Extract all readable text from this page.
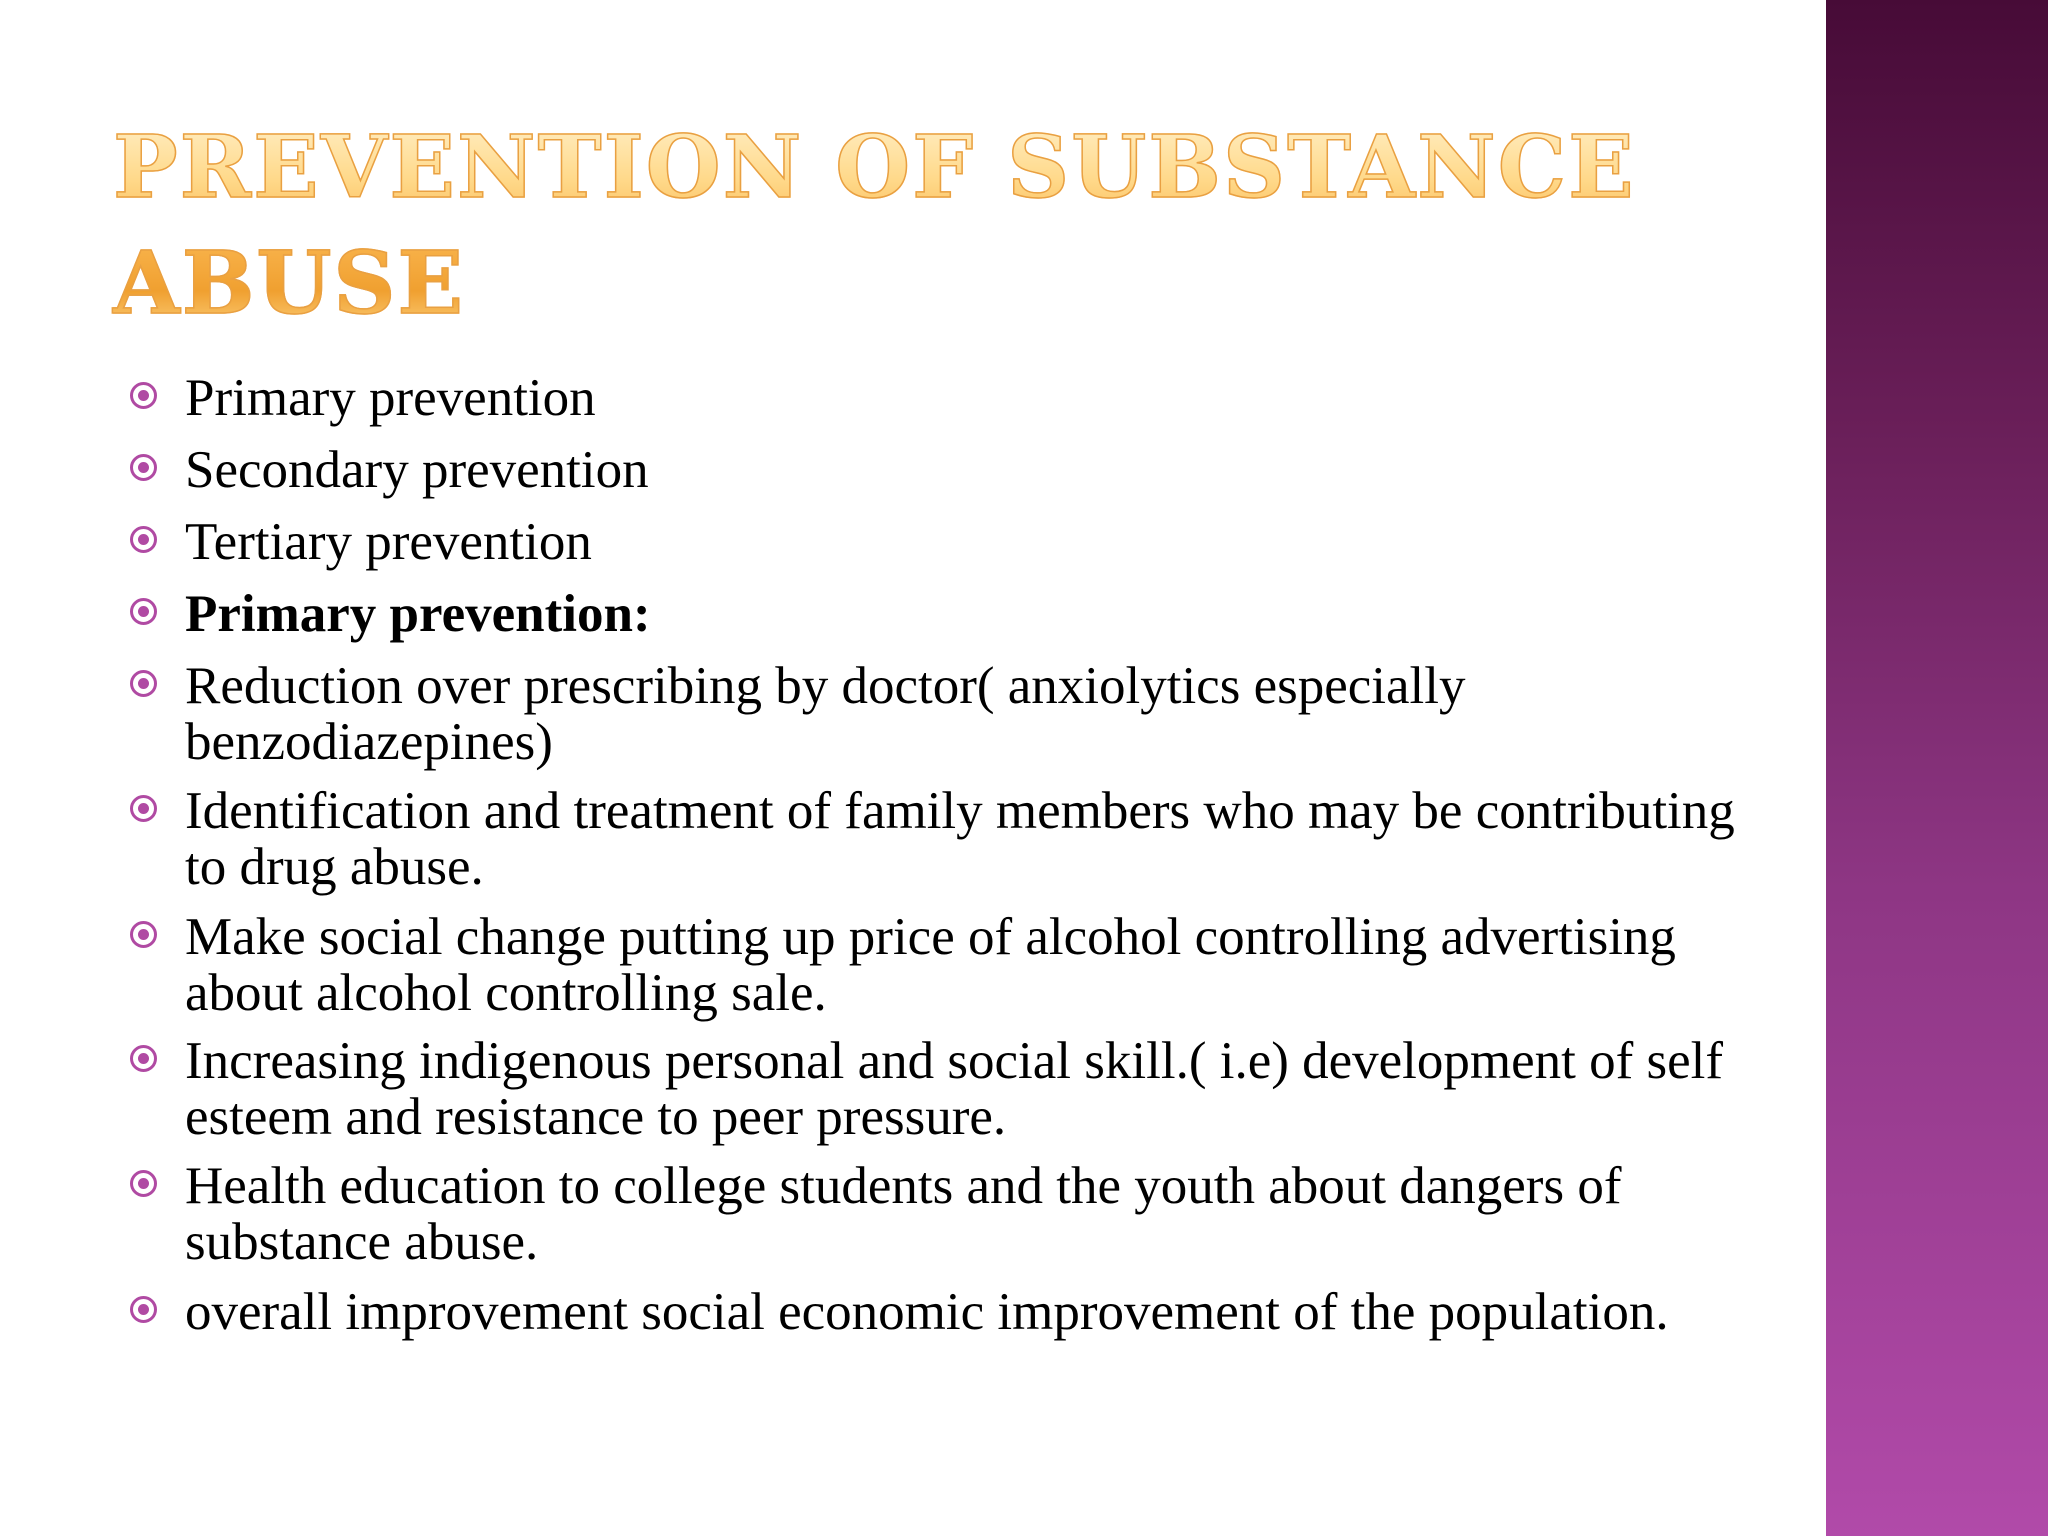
PREVENTION OF SUBSTANCE
ABUSE
Primary prevention
Secondary prevention
Tertiary prevention
Primary prevention:
Reduction over prescribing by doctor( anxiolytics especially benzodiazepines)
Identification and treatment of family members who may be contributing to drug abuse.
Make social change putting up price of alcohol controlling advertising about alcohol controlling sale.
Increasing indigenous personal and social skill.( i.e) development of self esteem and resistance to peer pressure.
Health education to college students and the youth about dangers of substance abuse.
overall improvement social economic improvement of the population.
